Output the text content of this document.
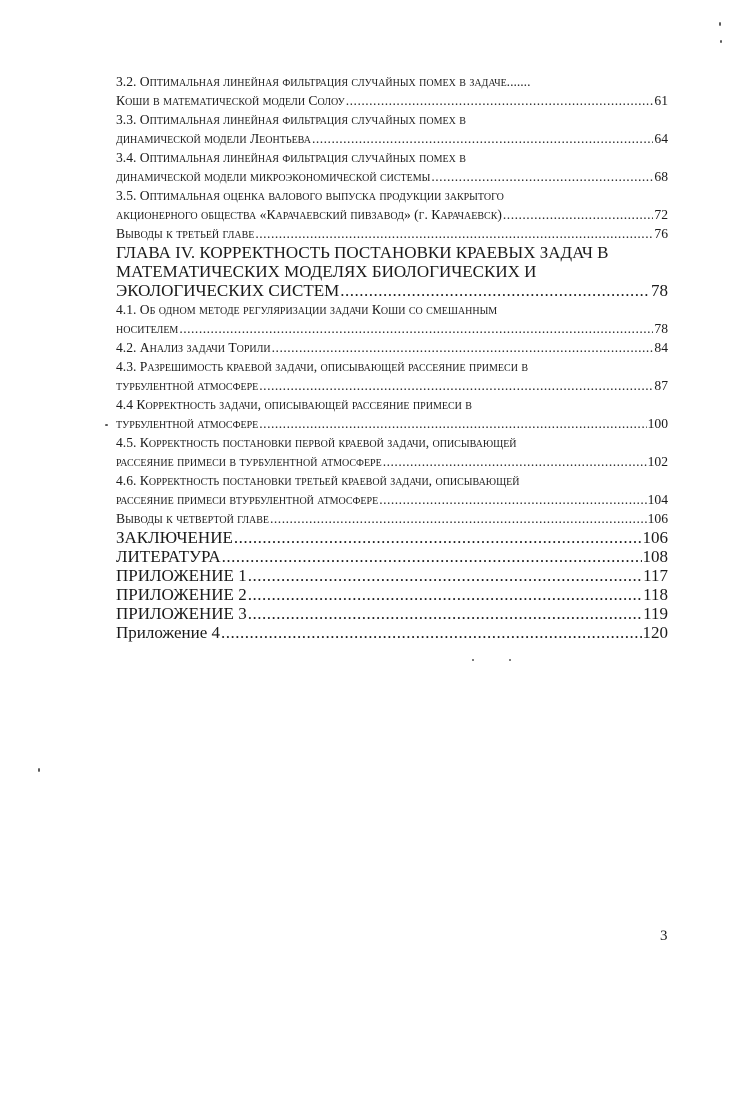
3.2. Оптимальная линейная фильтрация случайных помех в задаче.......
Коши в математической модели Солоу .....	61
3.3. Оптимальная линейная фильтрация случайных помех в
динамической модели Леонтьева .....	64
3.4. Оптимальная линейная фильтрация случайных помех в
динамической модели микроэкономической системы .....	68
3.5. Оптимальная оценка валового выпуска продукции закрытого
акционерного общества «Карачаевский пивзавод» (г. Карачаевск) .....	72
Выводы к третьей главе .....	76
ГЛАВА IV. КОРРЕКТНОСТЬ ПОСТАНОВКИ КРАЕВЫХ ЗАДАЧ В
МАТЕМАТИЧЕСКИХ МОДЕЛЯХ БИОЛОГИЧЕСКИХ И
ЭКОЛОГИЧЕСКИХ СИСТЕМ .....	78
4.1. Об одном методе регуляризации задачи Коши со смешанным
носителем .....	78
4.2. Анализ задачи Торили .....	84
4.3. Разрешимость краевой задачи, описывающей рассеяние примеси в
турбулентной атмосфере .....	87
4.4 Корректность задачи, описывающей рассеяние примеси в
турбулентной атмосфере .....	100
4.5. Корректность постановки первой краевой задачи, описывающей
рассеяние примеси в турбулентной атмосфере .....	102
4.6. Корректность постановки третьей краевой задачи, описывающей
рассеяние примеси втурбулентной атмосфере .....	104
Выводы к четвертой главе .....	106
ЗАКЛЮЧЕНИЕ .....	106
ЛИТЕРАТУРА .....	108
ПРИЛОЖЕНИЕ 1 .....	117
ПРИЛОЖЕНИЕ 2 .....	118
ПРИЛОЖЕНИЕ 3 .....	119
Приложение 4 .....	120
3
